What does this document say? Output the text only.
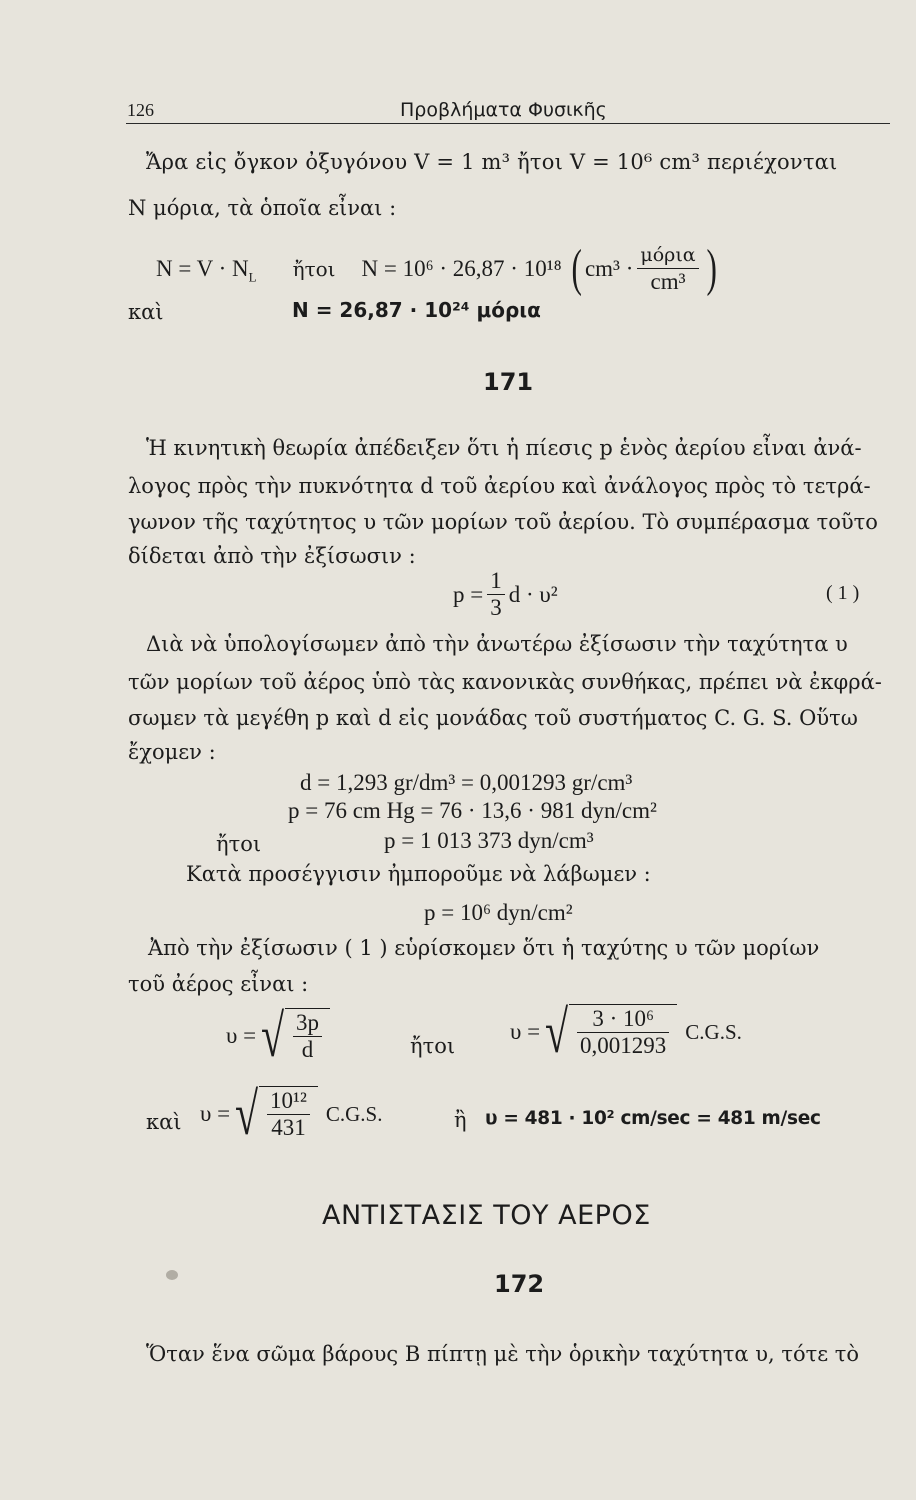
126	Προβλήματα Φυσικῆς
Ἄρα εἰς ὄγκον ὀξυγόνου V = 1 m³ ἤτοι V = 10⁶ cm³ περιέχονται
N μόρια, τὰ ὁποῖα εἶναι :
$N = V \cdot N_L$ ἤτοι N = 10⁶ · 26,87 · 10¹⁸ ( $cm^3 \cdot \frac{\text{μόρια}}{\text{cm³}}$ )
καὶ	N = 26,87 · 10²⁴ μόρια
171
Ἡ κινητικὴ θεωρία ἀπέδειξεν ὅτι ἡ πίεσις p ἑνὸς ἀερίου εἶναι ἀνά-
λογος πρὸς τὴν πυκνότητα d τοῦ ἀερίου καὶ ἀνάλογος πρὸς τὸ τετρά-
γωνον τῆς ταχύτητος υ τῶν μορίων τοῦ ἀερίου. Τὸ συμπέρασμα τοῦτο
δίδεται ἀπὸ τὴν ἐξίσωσιν :
$p = \frac{1}{3}$ d · υ²	( 1 )
Διὰ νὰ ὑπολογίσωμεν ἀπὸ τὴν ἀνωτέρω ἐξίσωσιν τὴν ταχύτητα υ
τῶν μορίων τοῦ ἀέρος ὑπὸ τὰς κανονικὰς συνθήκας, πρέπει νὰ ἐκφρά-
σωμεν τὰ μεγέθη p καὶ d εἰς μονάδας τοῦ συστήματος C. G. S. Οὕτω
ἔχομεν :
d = 1,293 gr/dm³ = 0,001293 gr/cm³
p = 76 cm Hg = 76 · 13,6 · 981 dyn/cm²
ἤτοι	p = 1 013 373 dyn/cm³
Κατὰ προσέγγισιν ἠμποροῦμε νὰ λάβωμεν :
p = 10⁶ dyn/cm²
Ἀπὸ τὴν ἐξίσωσιν ( 1 ) εὑρίσκομεν ὅτι ἡ ταχύτης υ τῶν μορίων
τοῦ ἀέρος εἶναι :
υ = √ $\frac{3p}{d}$	ἤτοι
υ = √ $\frac{\text{3 · 10⁶}}{0,001293} C.G.S$.
καὶ υ = √ $\frac{\text{10¹²}}{431} C.G.S$.	ἢ υ = 481 · 10² cm/sec = 481 m/sec
ΑΝΤΙΣΤΑΣΙΣ ΤΟΥ ΑΕΡΟΣ
172
Ὅταν ἕνα σῶμα βάρους B πίπτῃ μὲ τὴν ὁρικὴν ταχύτητα υ, τότε τὸ
